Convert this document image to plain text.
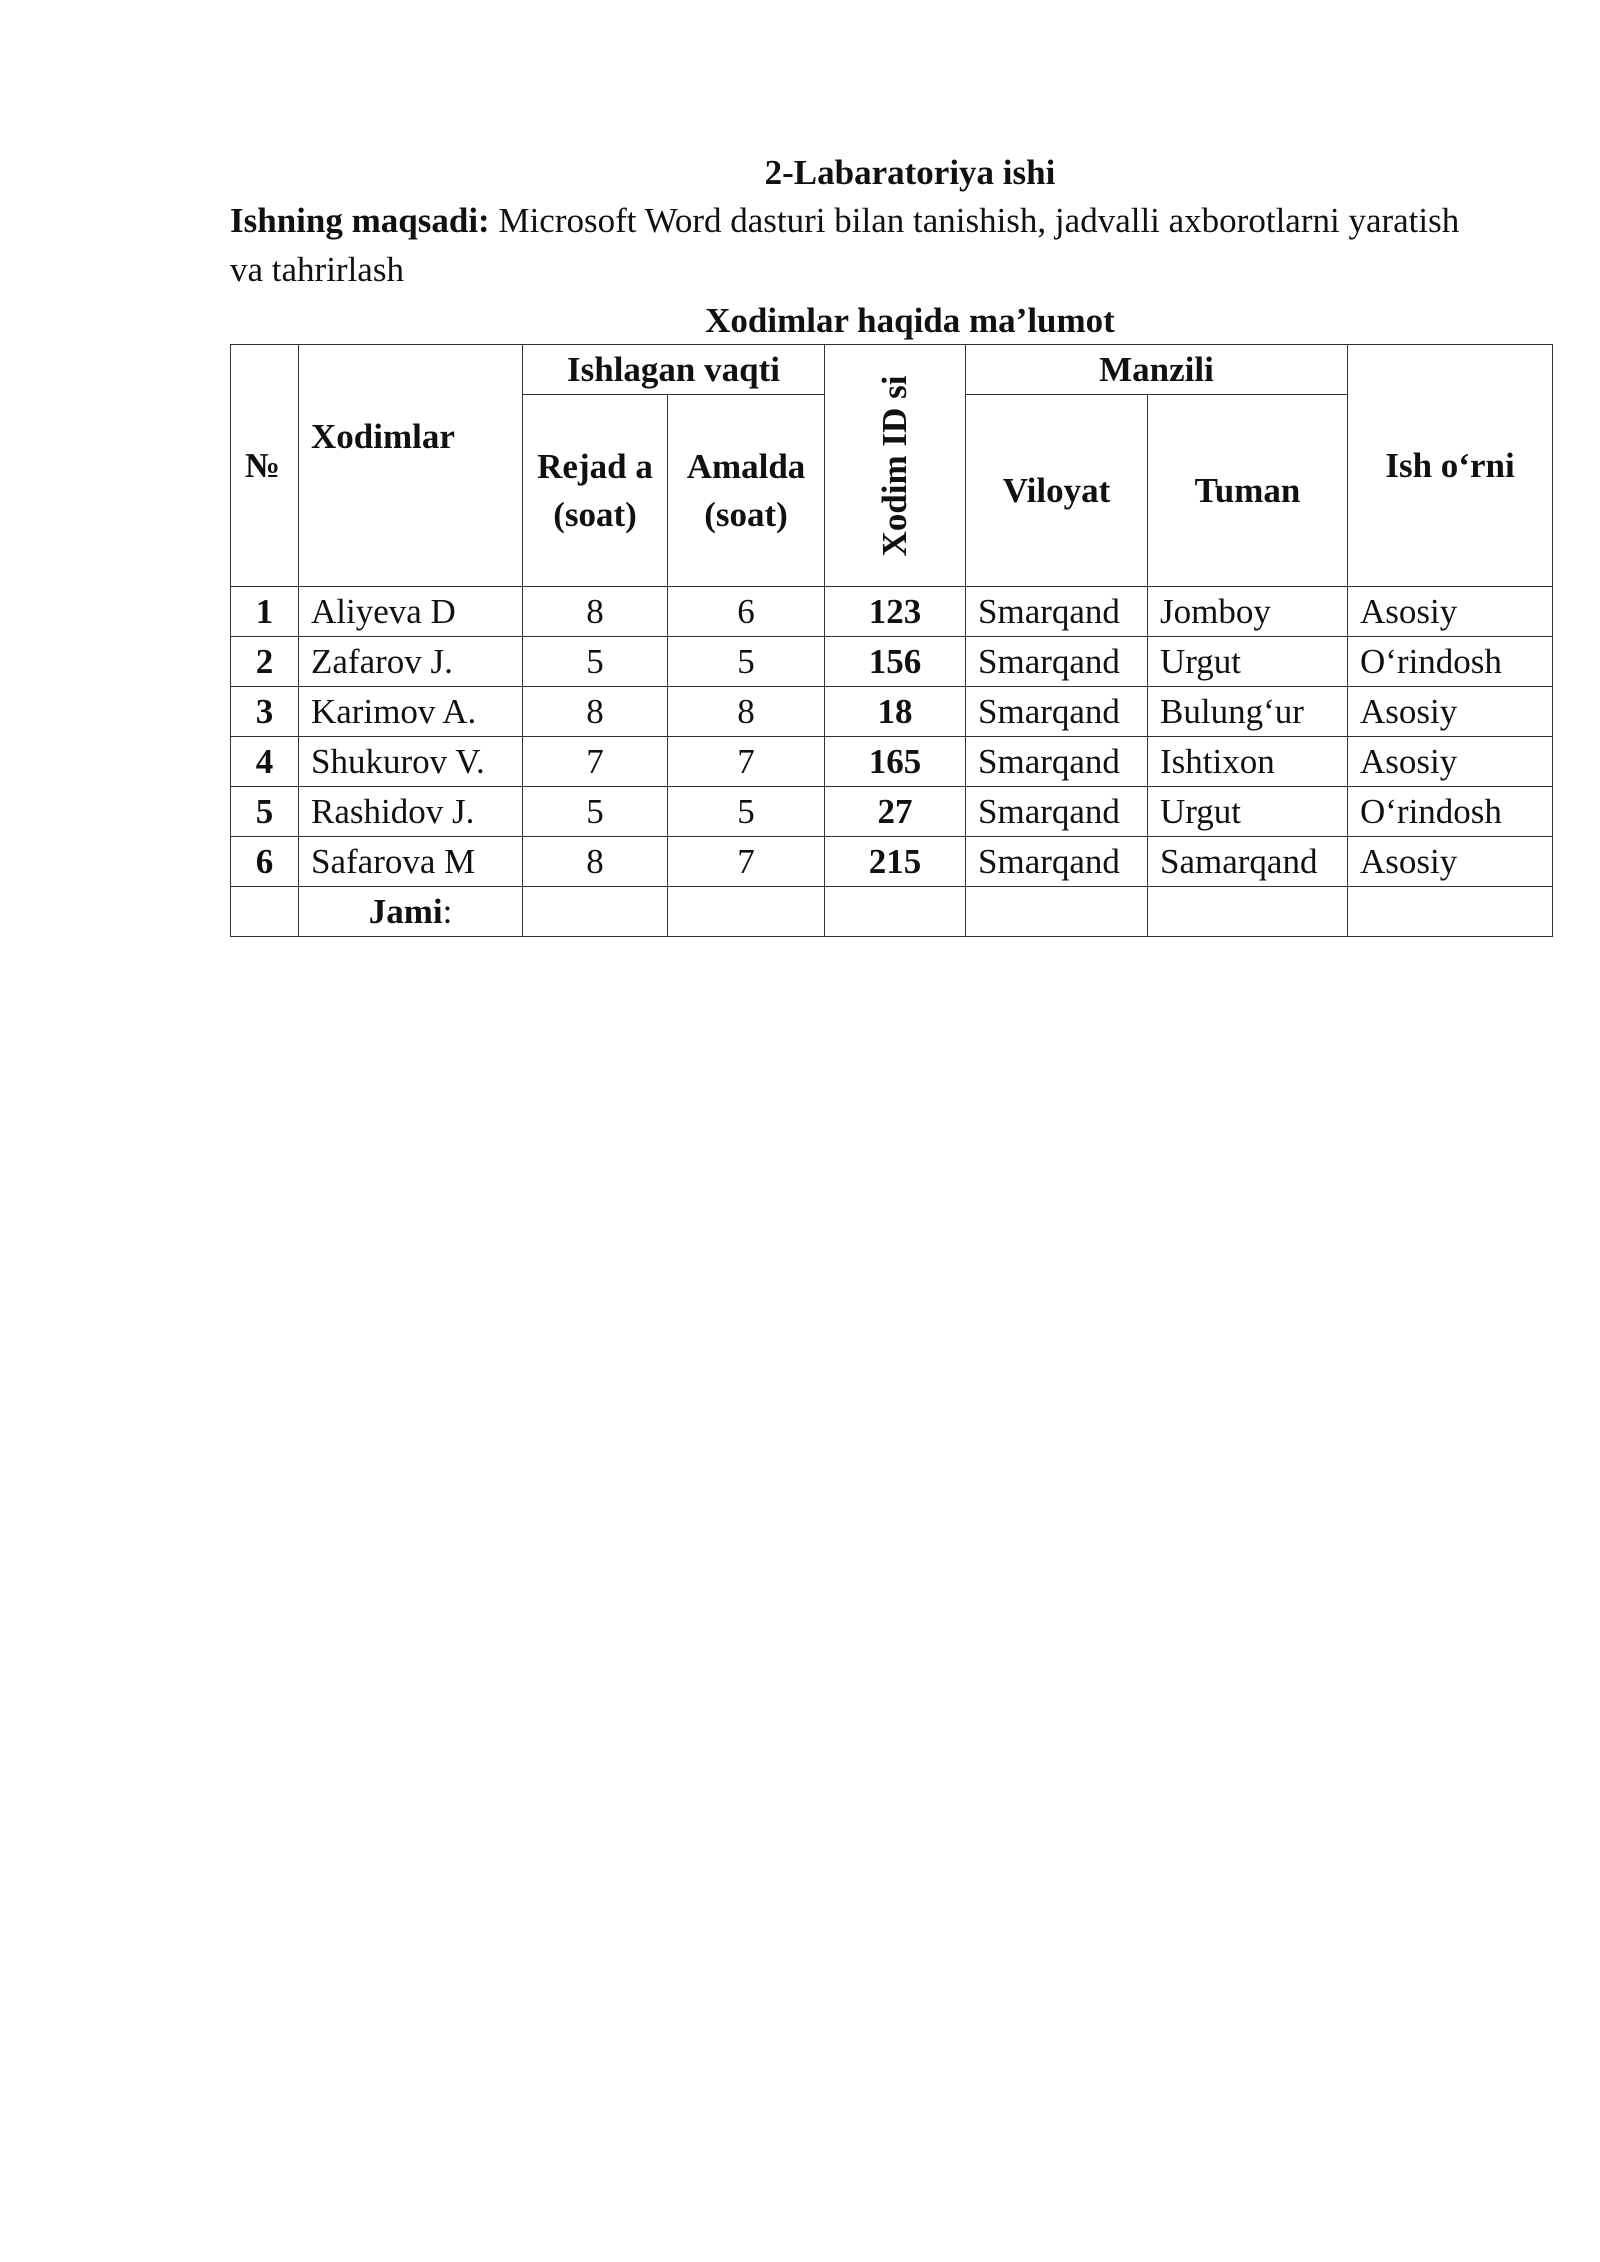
2-Labaratoriya ishi

Ishning maqsadi: Microsoft Word dasturi bilan tanishish, jadvalli axborotlarni yaratish va tahrirlash

Xodimlar haqida ma’lumot

№	Xodimlar	Ishlagan vaqti		Xodim ID si	Manzili		Ish o‘rni
		Rejad a (soat)	Amalda (soat)		Viloyat	Tuman	
1	Aliyeva D	8	6	123	Smarqand	Jomboy	Asosiy
2	Zafarov J.	5	5	156	Smarqand	Urgut	O‘rindosh
3	Karimov A.	8	8	18	Smarqand	Bulung‘ur	Asosiy
4	Shukurov V.	7	7	165	Smarqand	Ishtixon	Asosiy
5	Rashidov J.	5	5	27	Smarqand	Urgut	O‘rindosh
6	Safarova M	8	7	215	Smarqand	Samarqand	Asosiy
	Jami:						
